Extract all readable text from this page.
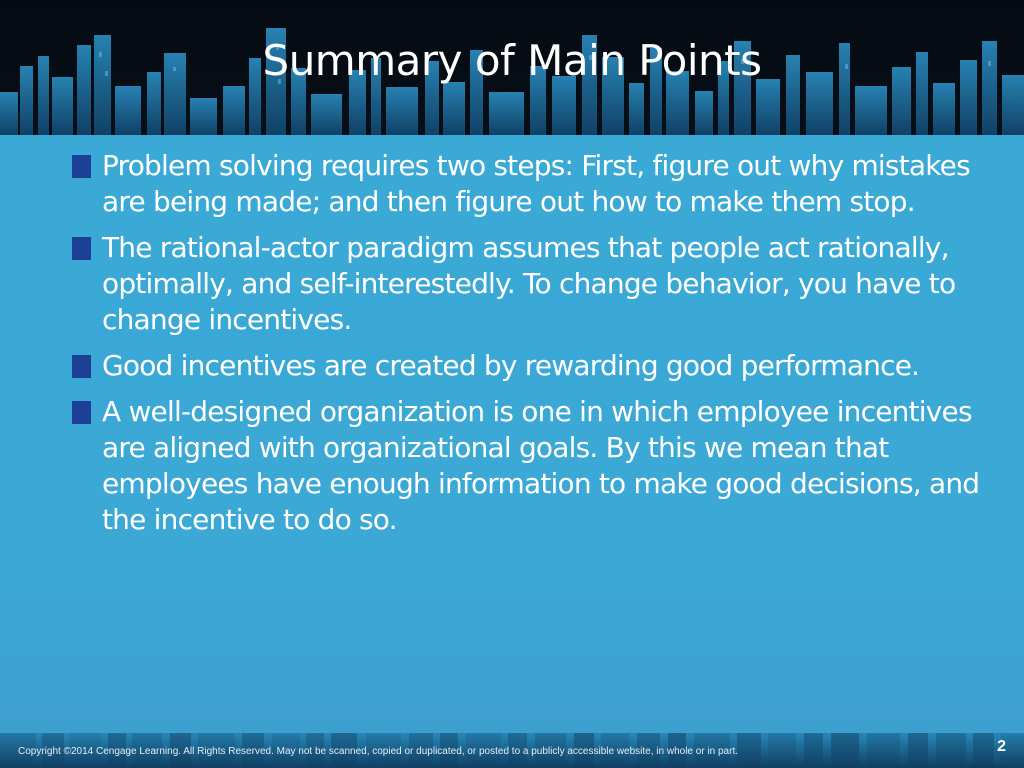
Summary of Main Points
Problem solving requires two steps: First, figure out why mistakes are being made; and then figure out how to make them stop.
The rational-actor paradigm assumes that people act rationally, optimally, and self-interestedly. To change behavior, you have to change incentives.
Good incentives are created by rewarding good performance.
A well-designed organization is one in which employee incentives are aligned with organizational goals. By this we mean that employees have enough information to make good decisions, and the incentive to do so.

Copyright ©2014 Cengage Learning. All Rights Reserved. May not be scanned, copied or duplicated, or posted to a publicly accessible website, in whole or in part.	2
